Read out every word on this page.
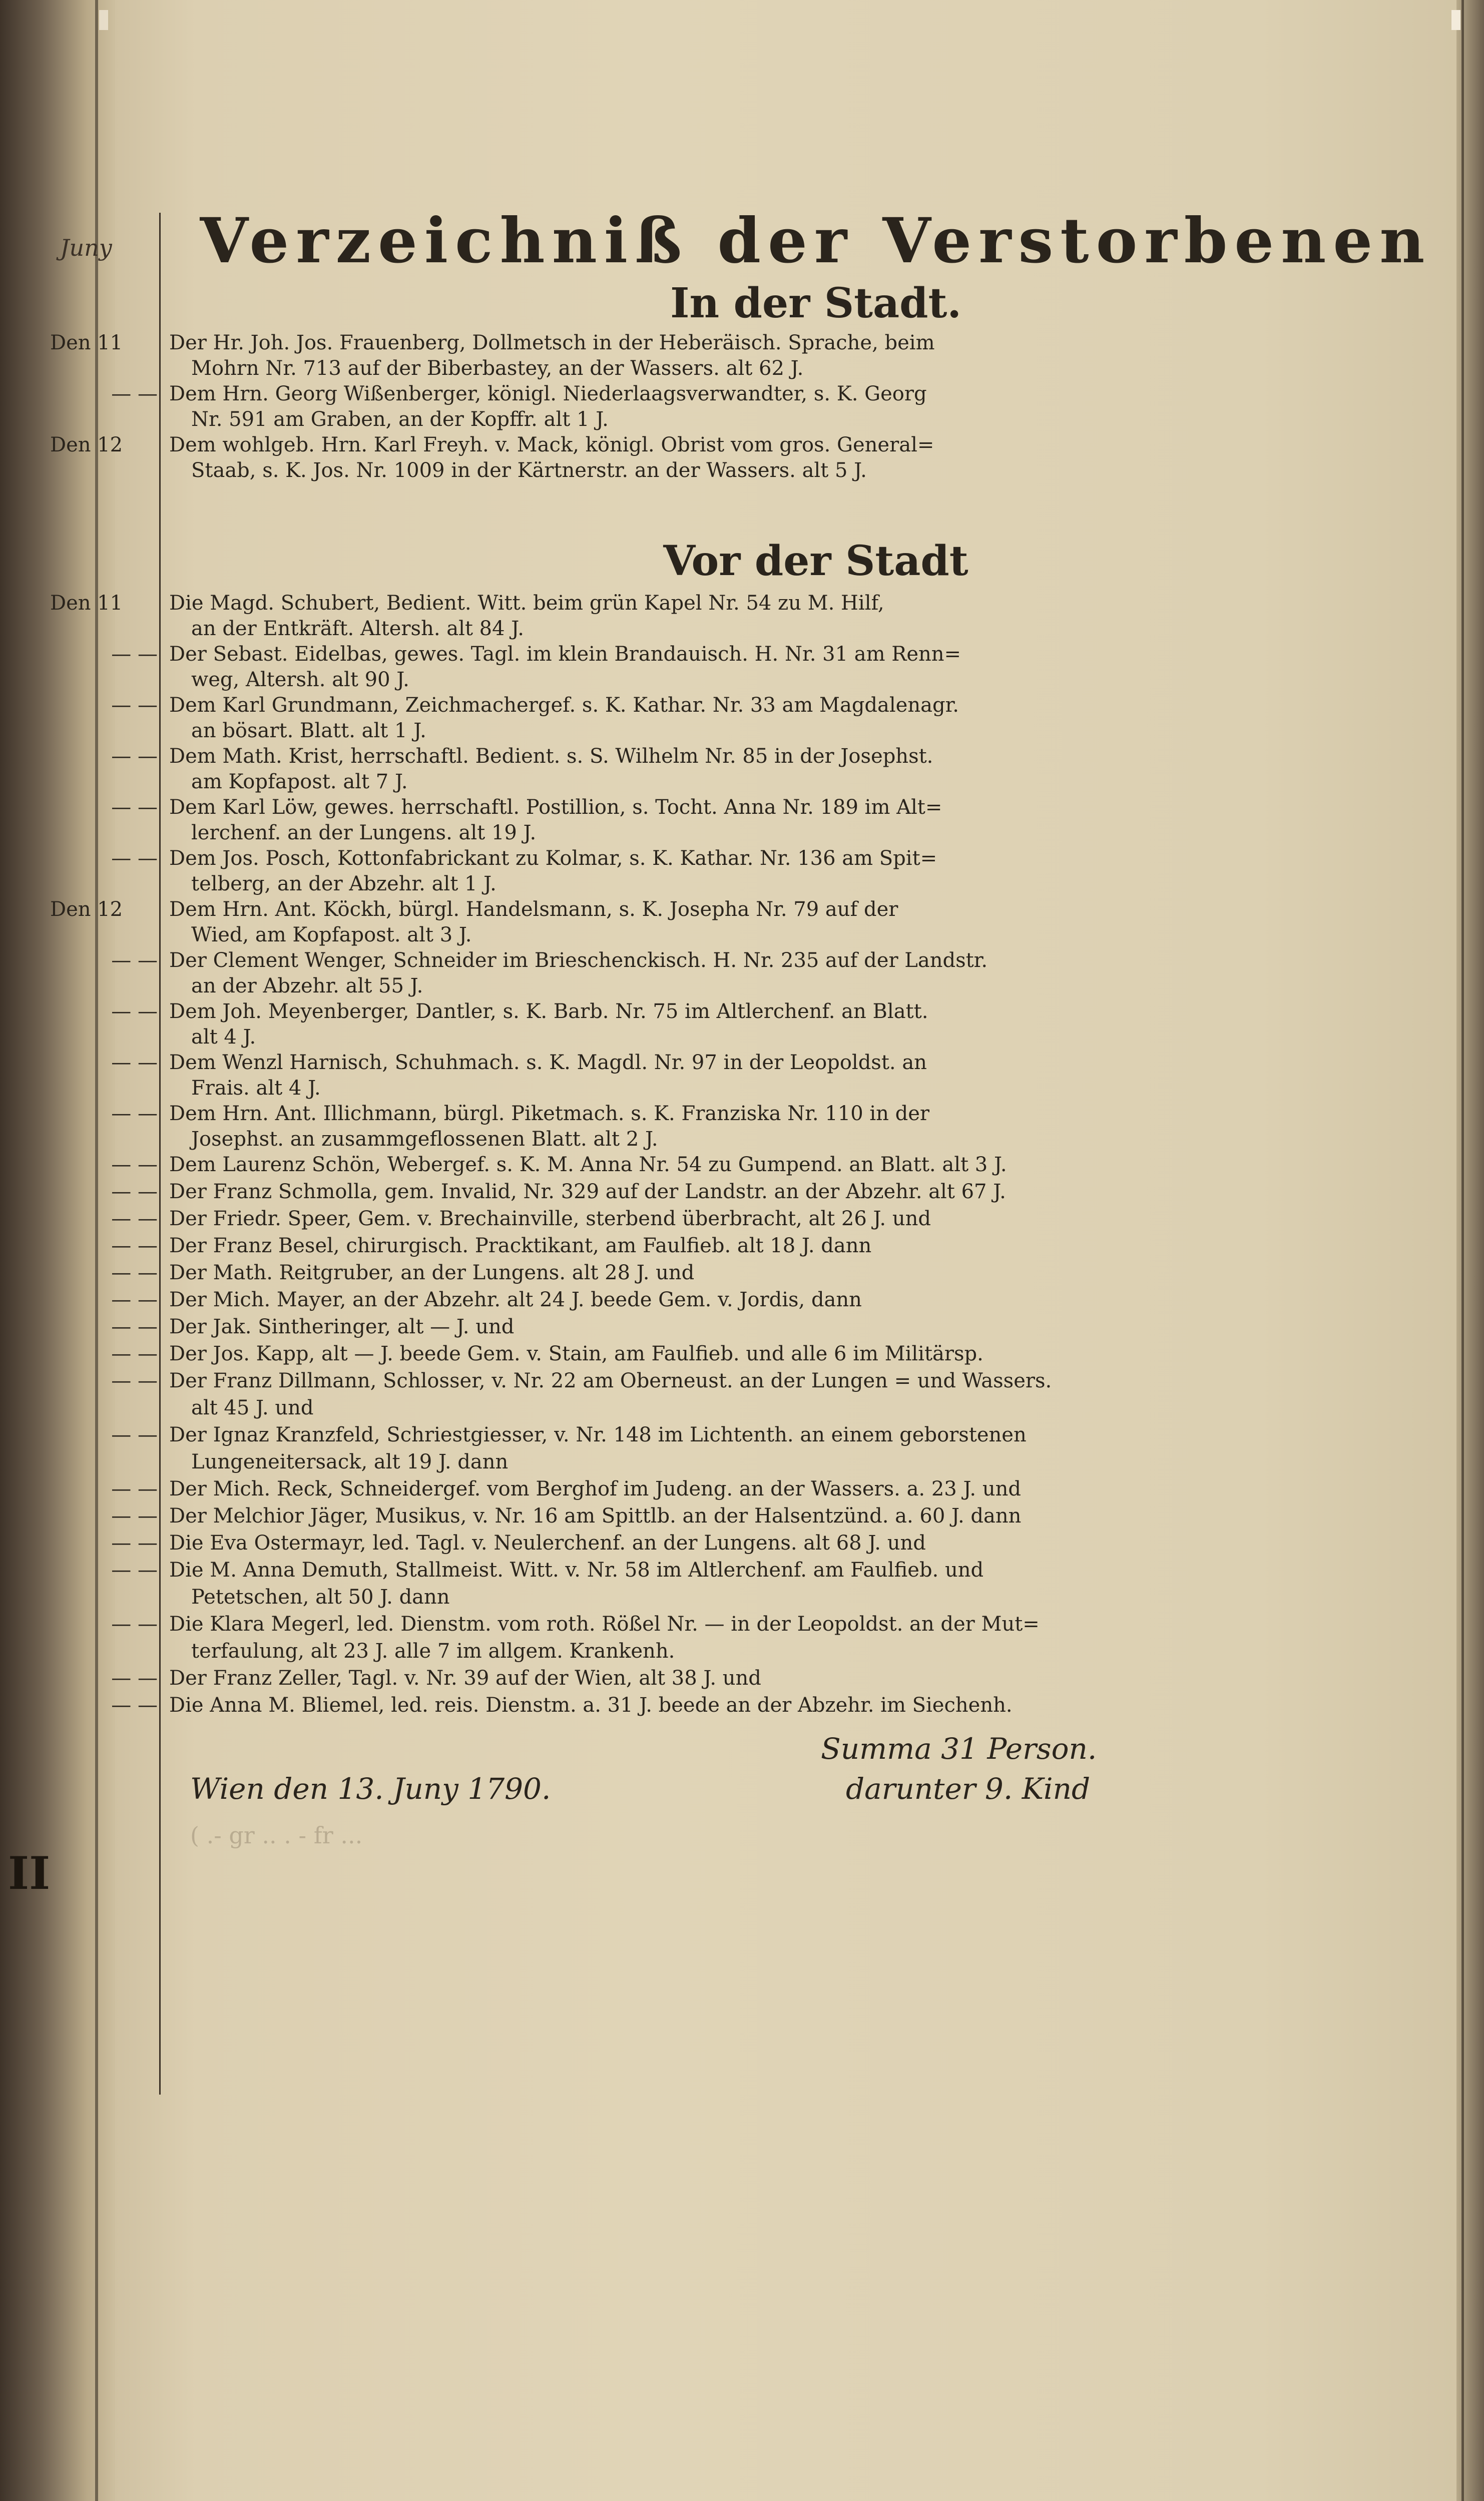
Juny	Verzeichniß der Verstorbenen
In der Stadt.
Den 11	Der Hr. Joh. Jos. Frauenberg, Dollmetsch in der Heberäisch. Sprache, beim
Mohrn Nr. 713 auf der Biberbastey, an der Wassers. alt 62 J.
— — Dem Hrn. Georg Wißenberger, königl. Niederlaagsverwandter, s. K. Georg
Nr. 591 am Graben, an der Kopffr. alt 1 J.
Den 12	Dem wohlgeb. Hrn. Karl Freyh. v. Mack, königl. Obrist vom gros. General=
Staab, s. K. Jos. Nr. 1009 in der Kärtnerstr. an der Wassers. alt 5 J.
Vor der Stadt
Den 11	Die Magd. Schubert, Bedient. Witt. beim grün Kapel Nr. 54 zu M. Hilf,
an der Entkräft. Altersh. alt 84 J.
— — Der Sebast. Eidelbas, gewes. Tagl. im klein Brandauisch. H. Nr. 31 am Renn=
weg, Altersh. alt 90 J.
— — Dem Karl Grundmann, Zeichmachergef. s. K. Kathar. Nr. 33 am Magdalenagr.
an bösart. Blatt. alt 1 J.
— — Dem Math. Krist, herrschaftl. Bedient. s. S. Wilhelm Nr. 85 in der Josephst.
am Kopfapost. alt 7 J.
— — Dem Karl Löw, gewes. herrschaftl. Postillion, s. Tocht. Anna Nr. 189 im Alt=
lerchenf. an der Lungens. alt 19 J.
— — Dem Jos. Posch, Kottonfabrickant zu Kolmar, s. K. Kathar. Nr. 136 am Spit=
telberg, an der Abzehr. alt 1 J.
Den 12	Dem Hrn. Ant. Köckh, bürgl. Handelsmann, s. K. Josepha Nr. 79 auf der
Wied, am Kopfapost. alt 3 J.
— — Der Clement Wenger, Schneider im Brieschenckisch. H. Nr. 235 auf der Landstr.
an der Abzehr. alt 55 J.
— — Dem Joh. Meyenberger, Dantler, s. K. Barb. Nr. 75 im Altlerchenf. an Blatt.
alt 4 J.
— — Dem Wenzl Harnisch, Schuhmach. s. K. Magdl. Nr. 97 in der Leopoldst. an
Frais. alt 4 J.
— — Dem Hrn. Ant. Illichmann, bürgl. Piketmach. s. K. Franziska Nr. 110 in der
Josephst. an zusammgeflossenen Blatt. alt 2 J.
— — Dem Laurenz Schön, Webergef. s. K. M. Anna Nr. 54 zu Gumpend. an Blatt. alt 3 J.
— — Der Franz Schmolla, gem. Invalid, Nr. 329 auf der Landstr. an der Abzehr. alt 67 J.
— — Der Friedr. Speer, Gem. v. Brechainville, sterbend überbracht, alt 26 J. und
— — Der Franz Besel, chirurgisch. Pracktikant, am Faulfieb. alt 18 J. dann
— — Der Math. Reitgruber, an der Lungens. alt 28 J. und
— — Der Mich. Mayer, an der Abzehr. alt 24 J. beede Gem. v. Jordis, dann
— — Der Jak. Sintheringer, alt — J. und
— — Der Jos. Kapp, alt — J. beede Gem. v. Stain, am Faulfieb. und alle 6 im Militärsp.
— — Der Franz Dillmann, Schlosser, v. Nr. 22 am Oberneust. an der Lungen = und Wassers.
alt 45 J. und
— — Der Ignaz Kranzfeld, Schriestgiesser, v. Nr. 148 im Lichtenth. an einem geborstenen
Lungeneitersack, alt 19 J. dann
— — Der Mich. Reck, Schneidergef. vom Berghof im Judeng. an der Wassers. a. 23 J. und
— — Der Melchior Jäger, Musikus, v. Nr. 16 am Spittlb. an der Halsentzünd. a. 60 J. dann
— — Die Eva Ostermayr, led. Tagl. v. Neulerchenf. an der Lungens. alt 68 J. und
— — Die M. Anna Demuth, Stallmeist. Witt. v. Nr. 58 im Altlerchenf. am Faulfieb. und
Petetschen, alt 50 J. dann
— — Die Klara Megerl, led. Dienstm. vom roth. Rößel Nr. — in der Leopoldst. an der Mut=
terfaulung, alt 23 J. alle 7 im allgem. Krankenh.
— — Der Franz Zeller, Tagl. v. Nr. 39 auf der Wien, alt 38 J. und
— — Die Anna M. Bliemel, led. reis. Dienstm. a. 31 J. beede an der Abzehr. im Siechenh.
II
Summa 31 Person.
darunter 9. Kind
Wien den 13. Juny 1790.
( .- gr .. . - fr ...
